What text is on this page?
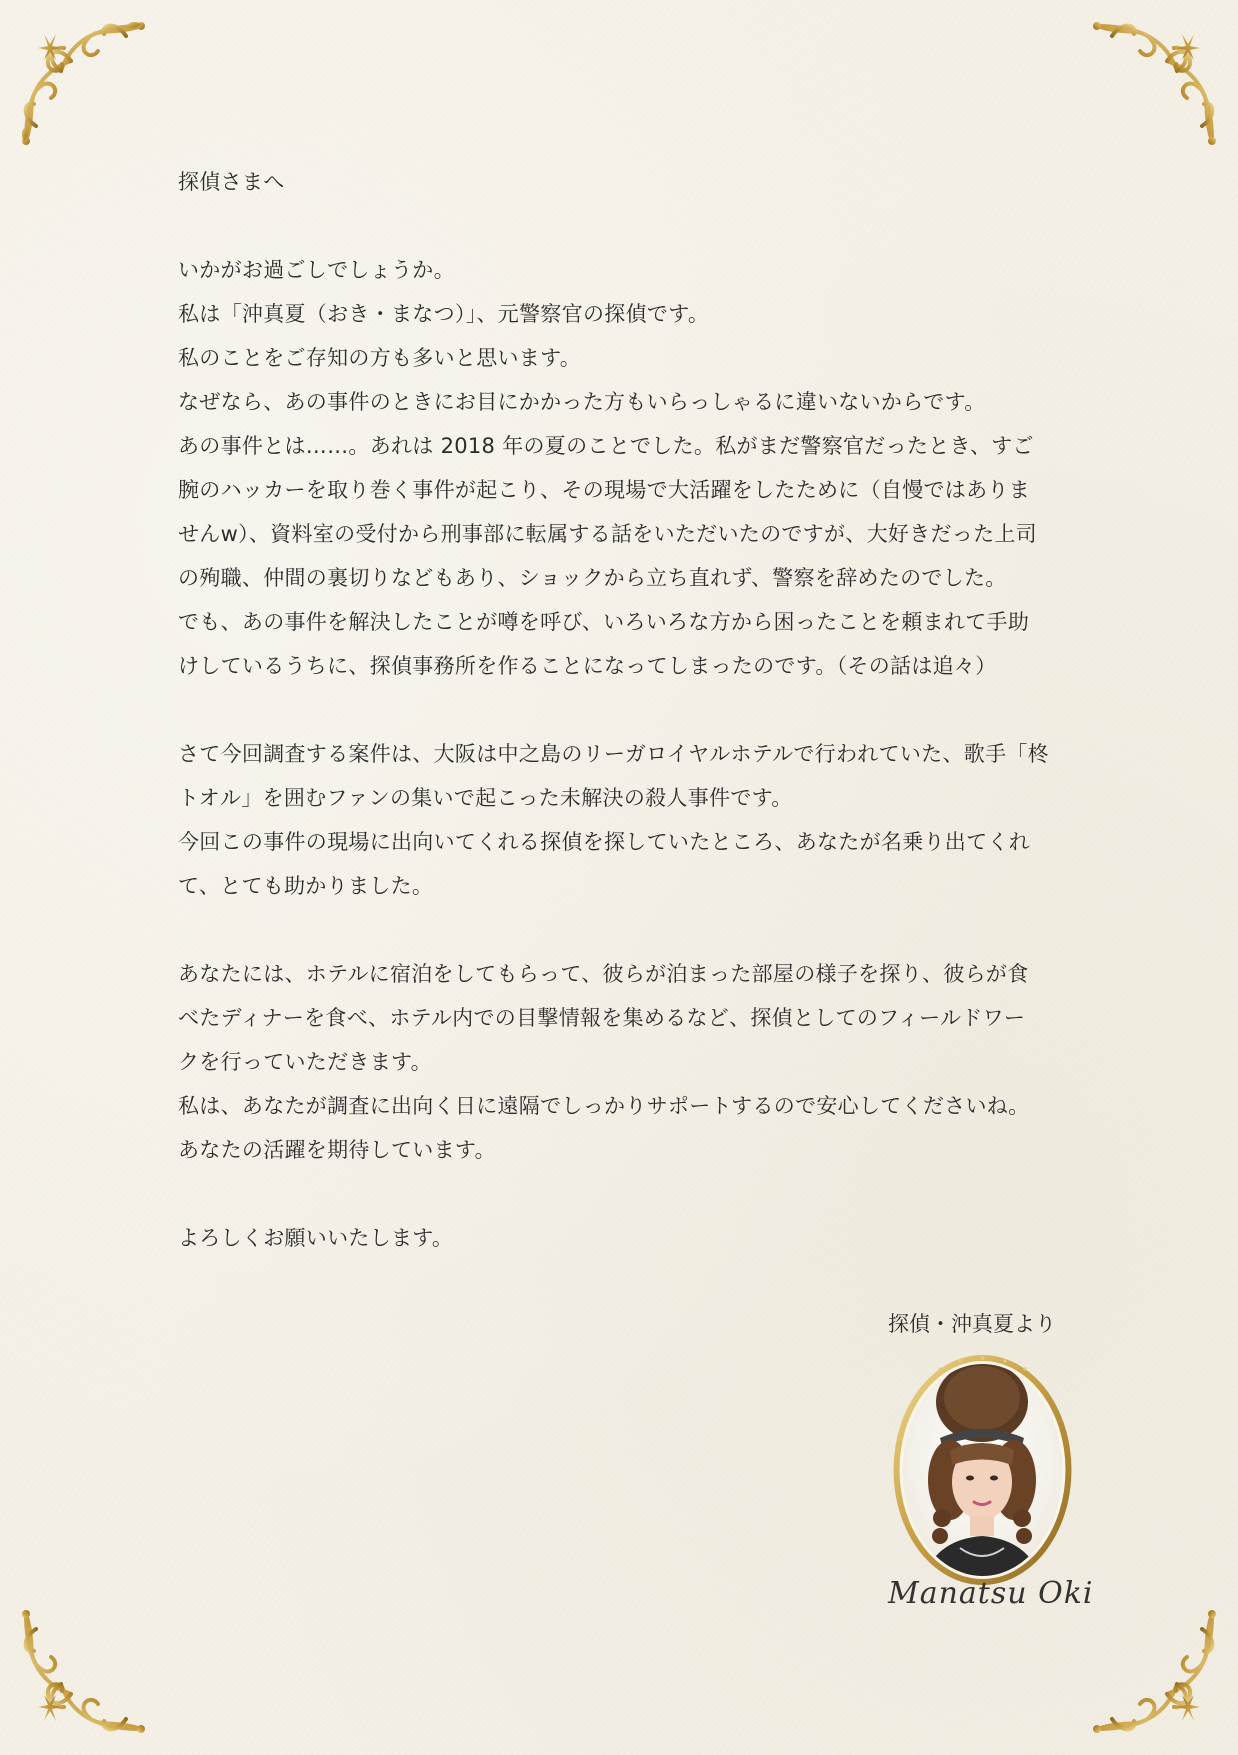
探偵さまへ

いかがお過ごしでしょうか。

私は「沖真夏（おき・まなつ）」、元警察官の探偵です。

私のことをご存知の方も多いと思います。

なぜなら、あの事件のときにお目にかかった方もいらっしゃるに違いないからです。

あの事件とは……。あれは 2018 年の夏のことでした。私がまだ警察官だったとき、すご

腕のハッカーを取り巻く事件が起こり、その現場で大活躍をしたために（自慢ではありま

せんw）、資料室の受付から刑事部に転属する話をいただいたのですが、大好きだった上司

の殉職、仲間の裏切りなどもあり、ショックから立ち直れず、警察を辞めたのでした。

でも、あの事件を解決したことが噂を呼び、いろいろな方から困ったことを頼まれて手助

けしているうちに、探偵事務所を作ることになってしまったのです。（その話は追々）

さて今回調査する案件は、大阪は中之島のリーガロイヤルホテルで行われていた、歌手「柊

トオル」を囲むファンの集いで起こった未解決の殺人事件です。

今回この事件の現場に出向いてくれる探偵を探していたところ、あなたが名乗り出てくれ

て、とても助かりました。

あなたには、ホテルに宿泊をしてもらって、彼らが泊まった部屋の様子を探り、彼らが食

べたディナーを食べ、ホテル内での目撃情報を集めるなど、探偵としてのフィールドワー

クを行っていただきます。

私は、あなたが調査に出向く日に遠隔でしっかりサポートするので安心してくださいね。

あなたの活躍を期待しています。

よろしくお願いいたします。

探偵・沖真夏より
Manatsu Oki
